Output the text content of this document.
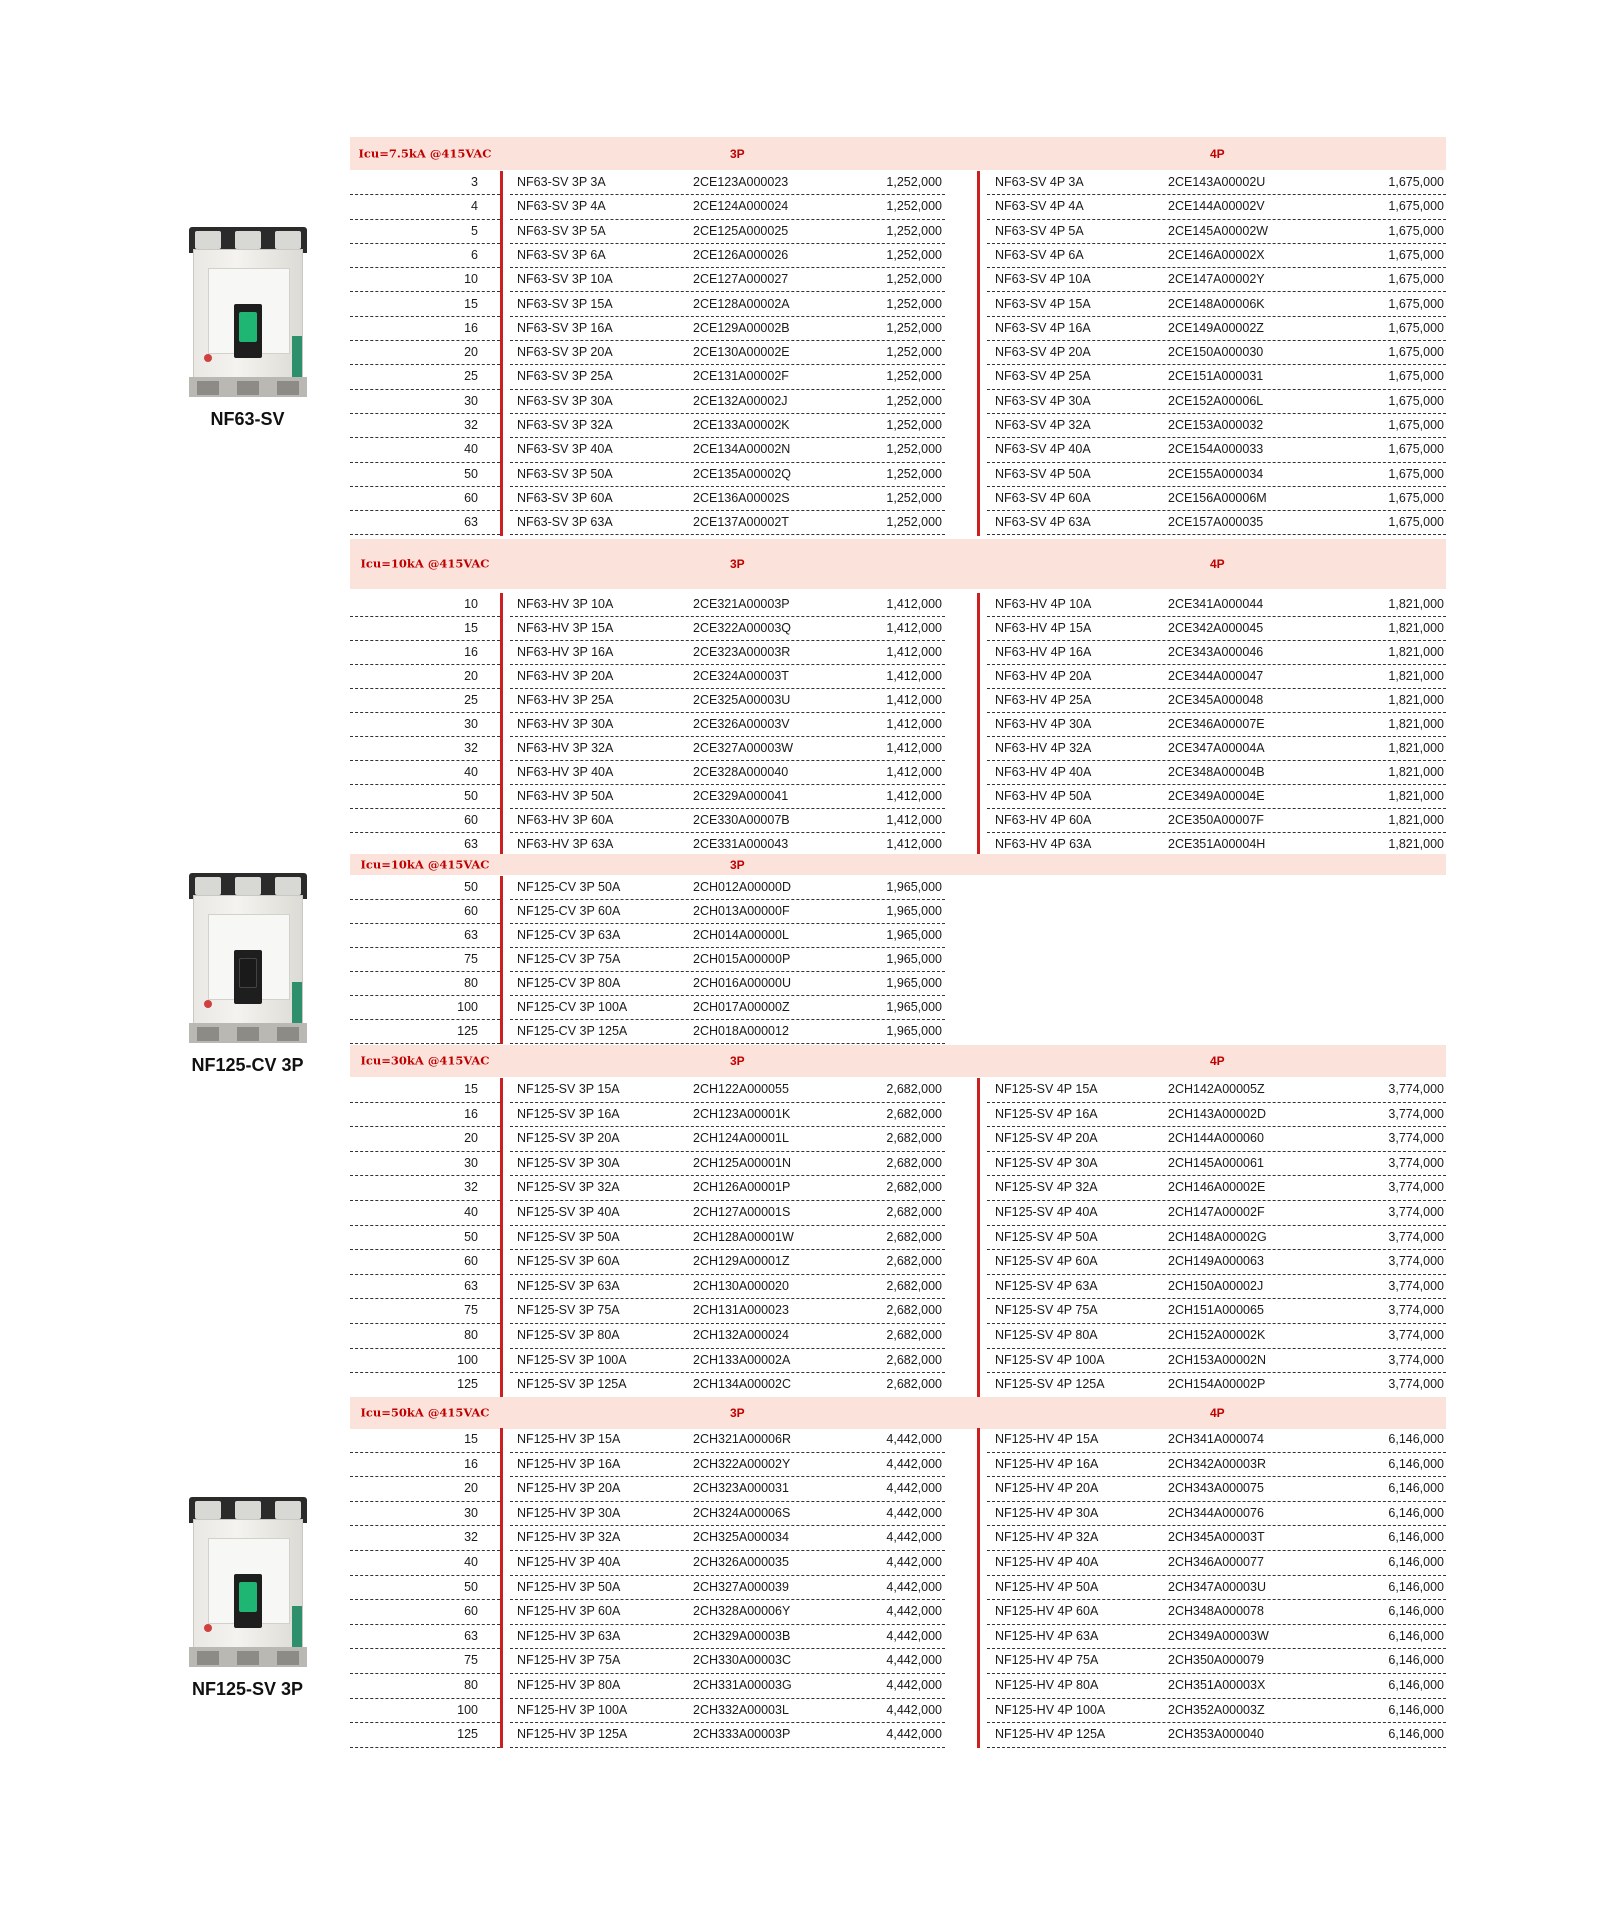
NF63-SV
NF125-CV 3P
NF125-SV 3P
Icu=7.5kA @415VAC	3P	4P
3	NF63-SV 3P 3A	2CE123A000023	1,252,000	NF63-SV 4P 3A	2CE143A00002U	1,675,000
4	NF63-SV 3P 4A	2CE124A000024	1,252,000	NF63-SV 4P 4A	2CE144A00002V	1,675,000
5	NF63-SV 3P 5A	2CE125A000025	1,252,000	NF63-SV 4P 5A	2CE145A00002W	1,675,000
6	NF63-SV 3P 6A	2CE126A000026	1,252,000	NF63-SV 4P 6A	2CE146A00002X	1,675,000
10	NF63-SV 3P 10A	2CE127A000027	1,252,000	NF63-SV 4P 10A	2CE147A00002Y	1,675,000
15	NF63-SV 3P 15A	2CE128A00002A	1,252,000	NF63-SV 4P 15A	2CE148A00006K	1,675,000
16	NF63-SV 3P 16A	2CE129A00002B	1,252,000	NF63-SV 4P 16A	2CE149A00002Z	1,675,000
20	NF63-SV 3P 20A	2CE130A00002E	1,252,000	NF63-SV 4P 20A	2CE150A000030	1,675,000
25	NF63-SV 3P 25A	2CE131A00002F	1,252,000	NF63-SV 4P 25A	2CE151A000031	1,675,000
30	NF63-SV 3P 30A	2CE132A00002J	1,252,000	NF63-SV 4P 30A	2CE152A00006L	1,675,000
32	NF63-SV 3P 32A	2CE133A00002K	1,252,000	NF63-SV 4P 32A	2CE153A000032	1,675,000
40	NF63-SV 3P 40A	2CE134A00002N	1,252,000	NF63-SV 4P 40A	2CE154A000033	1,675,000
50	NF63-SV 3P 50A	2CE135A00002Q	1,252,000	NF63-SV 4P 50A	2CE155A000034	1,675,000
60	NF63-SV 3P 60A	2CE136A00002S	1,252,000	NF63-SV 4P 60A	2CE156A00006M	1,675,000
63	NF63-SV 3P 63A	2CE137A00002T	1,252,000	NF63-SV 4P 63A	2CE157A000035	1,675,000
Icu=10kA @415VAC	3P	4P
10	NF63-HV 3P 10A	2CE321A00003P	1,412,000	NF63-HV 4P 10A	2CE341A000044	1,821,000
15	NF63-HV 3P 15A	2CE322A00003Q	1,412,000	NF63-HV 4P 15A	2CE342A000045	1,821,000
16	NF63-HV 3P 16A	2CE323A00003R	1,412,000	NF63-HV 4P 16A	2CE343A000046	1,821,000
20	NF63-HV 3P 20A	2CE324A00003T	1,412,000	NF63-HV 4P 20A	2CE344A000047	1,821,000
25	NF63-HV 3P 25A	2CE325A00003U	1,412,000	NF63-HV 4P 25A	2CE345A000048	1,821,000
30	NF63-HV 3P 30A	2CE326A00003V	1,412,000	NF63-HV 4P 30A	2CE346A00007E	1,821,000
32	NF63-HV 3P 32A	2CE327A00003W	1,412,000	NF63-HV 4P 32A	2CE347A00004A	1,821,000
40	NF63-HV 3P 40A	2CE328A000040	1,412,000	NF63-HV 4P 40A	2CE348A00004B	1,821,000
50	NF63-HV 3P 50A	2CE329A000041	1,412,000	NF63-HV 4P 50A	2CE349A00004E	1,821,000
60	NF63-HV 3P 60A	2CE330A00007B	1,412,000	NF63-HV 4P 60A	2CE350A00007F	1,821,000
63	NF63-HV 3P 63A	2CE331A000043	1,412,000	NF63-HV 4P 63A	2CE351A00004H	1,821,000
Icu=10kA @415VAC	3P
50	NF125-CV 3P 50A	2CH012A00000D	1,965,000
60	NF125-CV 3P 60A	2CH013A00000F	1,965,000
63	NF125-CV 3P 63A	2CH014A00000L	1,965,000
75	NF125-CV 3P 75A	2CH015A00000P	1,965,000
80	NF125-CV 3P 80A	2CH016A00000U	1,965,000
100	NF125-CV 3P 100A	2CH017A00000Z	1,965,000
125	NF125-CV 3P 125A	2CH018A000012	1,965,000
Icu=30kA @415VAC	3P	4P
15	NF125-SV 3P 15A	2CH122A000055	2,682,000	NF125-SV 4P 15A	2CH142A00005Z	3,774,000
16	NF125-SV 3P 16A	2CH123A00001K	2,682,000	NF125-SV 4P 16A	2CH143A00002D	3,774,000
20	NF125-SV 3P 20A	2CH124A00001L	2,682,000	NF125-SV 4P 20A	2CH144A000060	3,774,000
30	NF125-SV 3P 30A	2CH125A00001N	2,682,000	NF125-SV 4P 30A	2CH145A000061	3,774,000
32	NF125-SV 3P 32A	2CH126A00001P	2,682,000	NF125-SV 4P 32A	2CH146A00002E	3,774,000
40	NF125-SV 3P 40A	2CH127A00001S	2,682,000	NF125-SV 4P 40A	2CH147A00002F	3,774,000
50	NF125-SV 3P 50A	2CH128A00001W	2,682,000	NF125-SV 4P 50A	2CH148A00002G	3,774,000
60	NF125-SV 3P 60A	2CH129A00001Z	2,682,000	NF125-SV 4P 60A	2CH149A000063	3,774,000
63	NF125-SV 3P 63A	2CH130A000020	2,682,000	NF125-SV 4P 63A	2CH150A00002J	3,774,000
75	NF125-SV 3P 75A	2CH131A000023	2,682,000	NF125-SV 4P 75A	2CH151A000065	3,774,000
80	NF125-SV 3P 80A	2CH132A000024	2,682,000	NF125-SV 4P 80A	2CH152A00002K	3,774,000
100	NF125-SV 3P 100A	2CH133A00002A	2,682,000	NF125-SV 4P 100A	2CH153A00002N	3,774,000
125	NF125-SV 3P 125A	2CH134A00002C	2,682,000	NF125-SV 4P 125A	2CH154A00002P	3,774,000
Icu=50kA @415VAC	3P	4P
15	NF125-HV 3P 15A	2CH321A00006R	4,442,000	NF125-HV 4P 15A	2CH341A000074	6,146,000
16	NF125-HV 3P 16A	2CH322A00002Y	4,442,000	NF125-HV 4P 16A	2CH342A00003R	6,146,000
20	NF125-HV 3P 20A	2CH323A000031	4,442,000	NF125-HV 4P 20A	2CH343A000075	6,146,000
30	NF125-HV 3P 30A	2CH324A00006S	4,442,000	NF125-HV 4P 30A	2CH344A000076	6,146,000
32	NF125-HV 3P 32A	2CH325A000034	4,442,000	NF125-HV 4P 32A	2CH345A00003T	6,146,000
40	NF125-HV 3P 40A	2CH326A000035	4,442,000	NF125-HV 4P 40A	2CH346A000077	6,146,000
50	NF125-HV 3P 50A	2CH327A000039	4,442,000	NF125-HV 4P 50A	2CH347A00003U	6,146,000
60	NF125-HV 3P 60A	2CH328A00006Y	4,442,000	NF125-HV 4P 60A	2CH348A000078	6,146,000
63	NF125-HV 3P 63A	2CH329A00003B	4,442,000	NF125-HV 4P 63A	2CH349A00003W	6,146,000
75	NF125-HV 3P 75A	2CH330A00003C	4,442,000	NF125-HV 4P 75A	2CH350A000079	6,146,000
80	NF125-HV 3P 80A	2CH331A00003G	4,442,000	NF125-HV 4P 80A	2CH351A00003X	6,146,000
100	NF125-HV 3P 100A	2CH332A00003L	4,442,000	NF125-HV 4P 100A	2CH352A00003Z	6,146,000
125	NF125-HV 3P 125A	2CH333A00003P	4,442,000	NF125-HV 4P 125A	2CH353A000040	6,146,000
